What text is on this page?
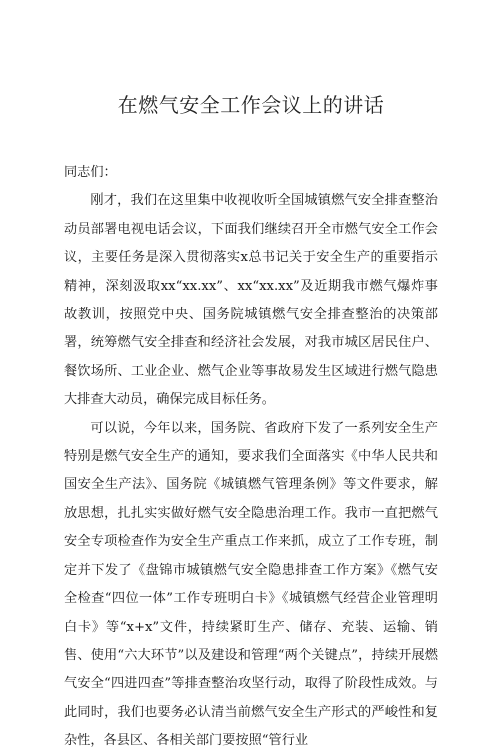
在燃气安全工作会议上的讲话

同志们：

刚才，我们在这里集中收视收听全国城镇燃气安全排查整治动员部署电视电话会议，下面我们继续召开全市燃气安全工作会议，主要任务是深入贯彻落实x总书记关于安全生产的重要指示精神，深刻汲取xx“xx.xx”、xx“xx.xx”及近期我市燃气爆炸事故教训，按照党中央、国务院城镇燃气安全排查整治的决策部署，统筹燃气安全排查和经济社会发展，对我市城区居民住户、餐饮场所、工业企业、燃气企业等事故易发生区域进行燃气隐患大排查大动员，确保完成目标任务。

可以说，今年以来，国务院、省政府下发了一系列安全生产特别是燃气安全生产的通知，要求我们全面落实《中华人民共和国安全生产法》、国务院《城镇燃气管理条例》等文件要求，解放思想，扎扎实实做好燃气安全隐患治理工作。我市一直把燃气安全专项检查作为安全生产重点工作来抓，成立了工作专班，制定并下发了《盘锦市城镇燃气安全隐患排查工作方案》《燃气安全检查“四位一体”工作专班明白卡》《城镇燃气经营企业管理明白卡》等“x+x”文件，持续紧盯生产、储存、充装、运输、销售、使用“六大环节”以及建设和管理“两个关键点”，持续开展燃气安全“四进四查”等排查整治攻坚行动，取得了阶段性成效。与此同时，我们也要务必认清当前燃气安全生产形式的严峻性和复杂性，各县区、各相关部门要按照“管行业
